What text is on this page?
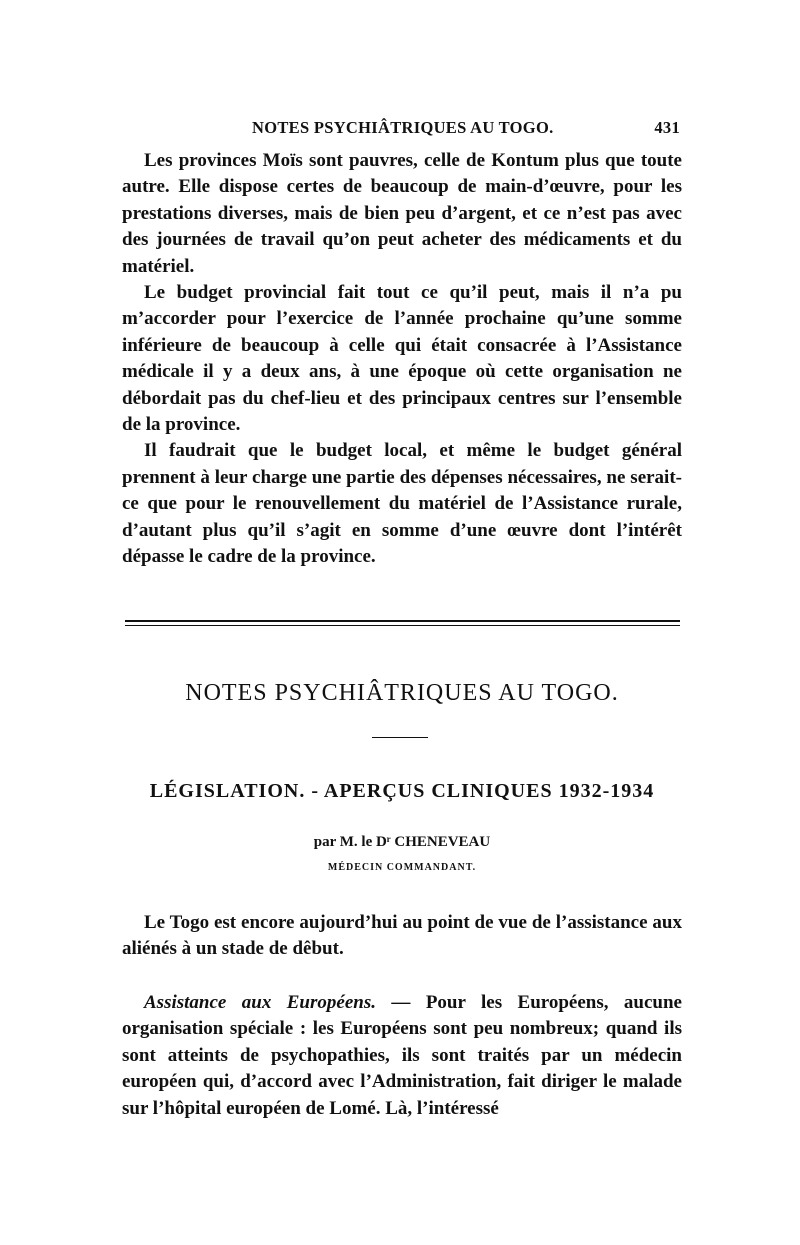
NOTES PSYCHIÂTRIQUES AU TOGO.	431

Les provinces Moïs sont pauvres, celle de Kontum plus que toute autre. Elle dispose certes de beaucoup de main-d’œuvre, pour les prestations diverses, mais de bien peu d’argent, et ce n’est pas avec des journées de travail qu’on peut acheter des médicaments et du matériel.

Le budget provincial fait tout ce qu’il peut, mais il n’a pu m’accorder pour l’exercice de l’année prochaine qu’une somme inférieure de beaucoup à celle qui était consacrée à l’Assistance médicale il y a deux ans, à une époque où cette organisation ne débordait pas du chef-lieu et des principaux centres sur l’ensemble de la province.

Il faudrait que le budget local, et même le budget général prennent à leur charge une partie des dépenses nécessaires, ne serait-ce que pour le renouvellement du matériel de l’Assistance rurale, d’autant plus qu’il s’agit en somme d’une œuvre dont l’intérêt dépasse le cadre de la province.

NOTES PSYCHIÂTRIQUES AU TOGO.
LÉGISLATION. - APERÇUS CLINIQUES 1932-1934
par M. le Dʳ CHENEVEAU
MÉDECIN COMMANDANT.

Le Togo est encore aujourd’hui au point de vue de l’assistance aux aliénés à un stade de dêbut.

Assistance aux Européens. — Pour les Européens, aucune organisation spéciale : les Européens sont peu nombreux; quand ils sont atteints de psychopathies, ils sont traités par un médecin européen qui, d’accord avec l’Administration, fait diriger le malade sur l’hôpital européen de Lomé. Là, l’intéressé
